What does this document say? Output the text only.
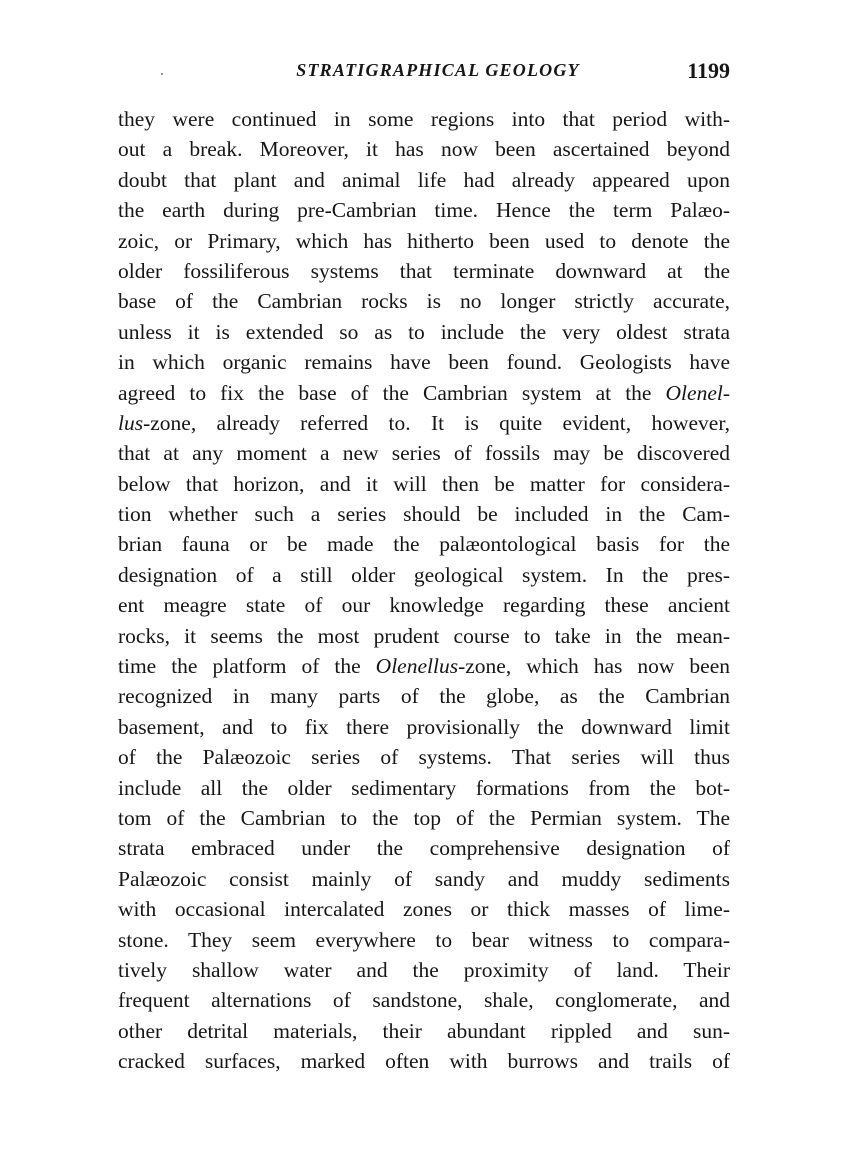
STRATIGRAPHICAL GEOLOGY	1199
they were continued in some regions into that period with-
out a break. Moreover, it has now been ascertained beyond
doubt that plant and animal life had already appeared upon
the earth during pre-Cambrian time. Hence the term Palæo-
zoic, or Primary, which has hitherto been used to denote the
older fossiliferous systems that terminate downward at the
base of the Cambrian rocks is no longer strictly accurate,
unless it is extended so as to include the very oldest strata
in which organic remains have been found. Geologists have
agreed to fix the base of the Cambrian system at the Olenel-
lus-zone, already referred to. It is quite evident, however,
that at any moment a new series of fossils may be discovered
below that horizon, and it will then be matter for considera-
tion whether such a series should be included in the Cam-
brian fauna or be made the palæontological basis for the
designation of a still older geological system. In the pres-
ent meagre state of our knowledge regarding these ancient
rocks, it seems the most prudent course to take in the mean-
time the platform of the Olenellus-zone, which has now been
recognized in many parts of the globe, as the Cambrian
basement, and to fix there provisionally the downward limit
of the Palæozoic series of systems. That series will thus
include all the older sedimentary formations from the bot-
tom of the Cambrian to the top of the Permian system. The
strata embraced under the comprehensive designation of
Palæozoic consist mainly of sandy and muddy sediments
with occasional intercalated zones or thick masses of lime-
stone. They seem everywhere to bear witness to compara-
tively shallow water and the proximity of land. Their
frequent alternations of sandstone, shale, conglomerate, and
other detrital materials, their abundant rippled and sun-
cracked surfaces, marked often with burrows and trails of
